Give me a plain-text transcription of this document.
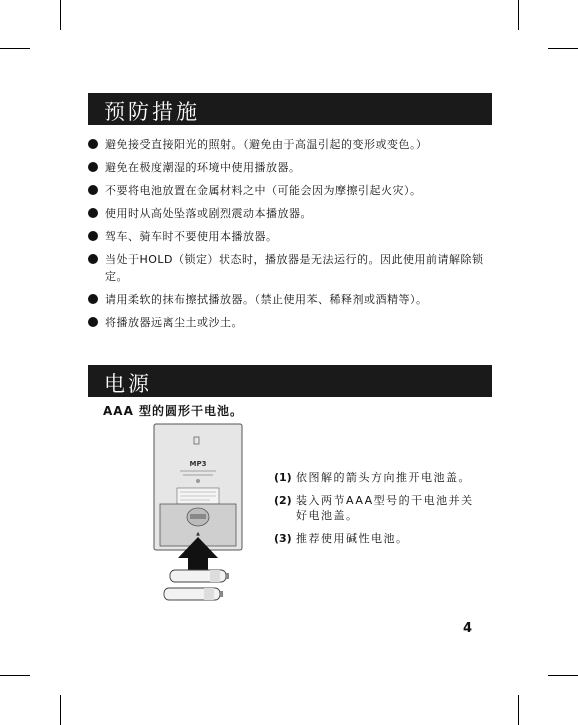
预防措施
避免接受直接阳光的照射。（避免由于高温引起的变形或变色。）
避免在极度潮湿的环境中使用播放器。
不要将电池放置在金属材料之中（可能会因为摩擦引起火灾）。
使用时从高处坠落或剧烈震动本播放器。
驾车、骑车时不要使用本播放器。
当处于HOLD（锁定）状态时，播放器是无法运行的。因此使用前请解除锁定。
请用柔软的抹布擦拭播放器。（禁止使用苯、稀释剂或酒精等）。
将播放器远离尘土或沙土。
电源
AAA 型的圆形干电池。
MP3
▲
(1) 依图解的箭头方向推开电池盖。
(2) 装入两节AAA型号的干电池并关好电池盖。
(3) 推荐使用碱性电池。
4
